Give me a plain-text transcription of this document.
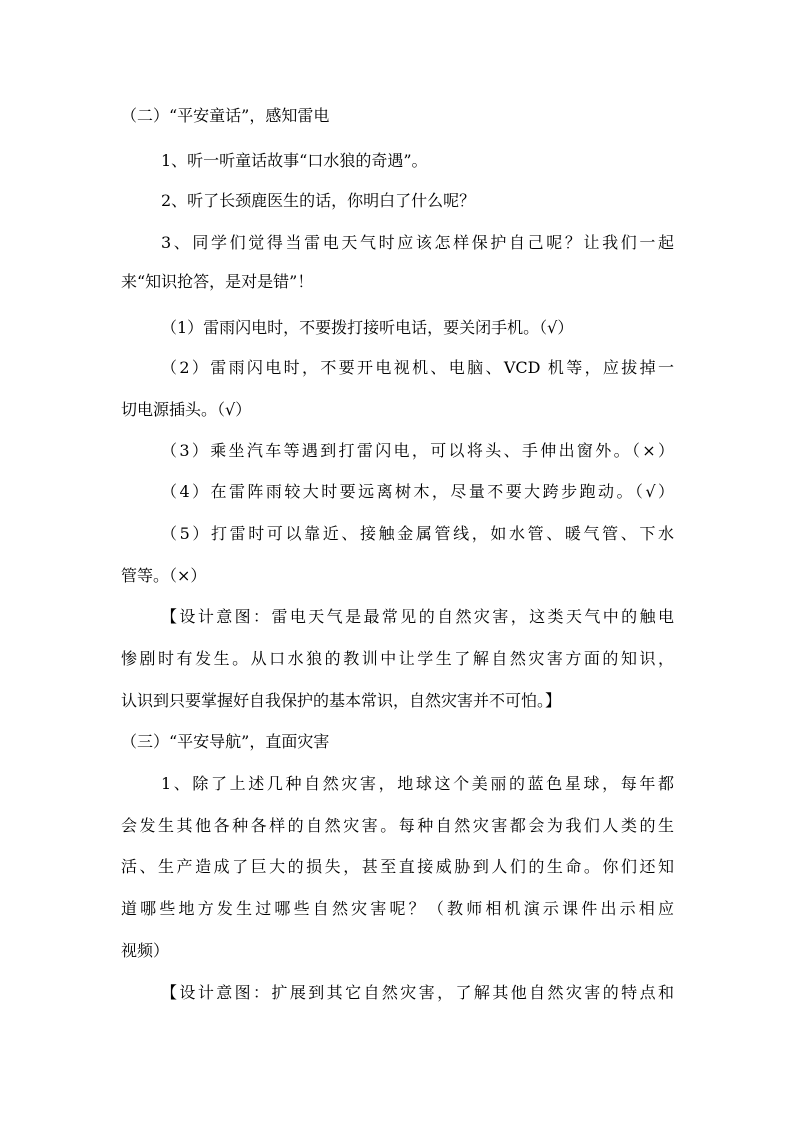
（二）“平安童话”，感知雷电
1、听一听童话故事“口水狼的奇遇”。
2、听了长颈鹿医生的话，你明白了什么呢？
3、同学们觉得当雷电天气时应该怎样保护自己呢？让我们一起
来“知识抢答，是对是错”！
（1）雷雨闪电时，不要拨打接听电话，要关闭手机。（√）
（2）雷雨闪电时，不要开电视机、电脑、VCD 机等，应拔掉一
切电源插头。（√）
（3）乘坐汽车等遇到打雷闪电，可以将头、手伸出窗外。（×）
（4）在雷阵雨较大时要远离树木，尽量不要大跨步跑动。（√）
（5）打雷时可以靠近、接触金属管线，如水管、暖气管、下水
管等。（×）
【设计意图：雷电天气是最常见的自然灾害，这类天气中的触电
惨剧时有发生。从口水狼的教训中让学生了解自然灾害方面的知识，
认识到只要掌握好自我保护的基本常识，自然灾害并不可怕。】
（三）“平安导航”，直面灾害
1、除了上述几种自然灾害，地球这个美丽的蓝色星球，每年都
会发生其他各种各样的自然灾害。每种自然灾害都会为我们人类的生
活、生产造成了巨大的损失，甚至直接威胁到人们的生命。你们还知
道哪些地方发生过哪些自然灾害呢？（教师相机演示课件出示相应
视频）
【设计意图：扩展到其它自然灾害，了解其他自然灾害的特点和
